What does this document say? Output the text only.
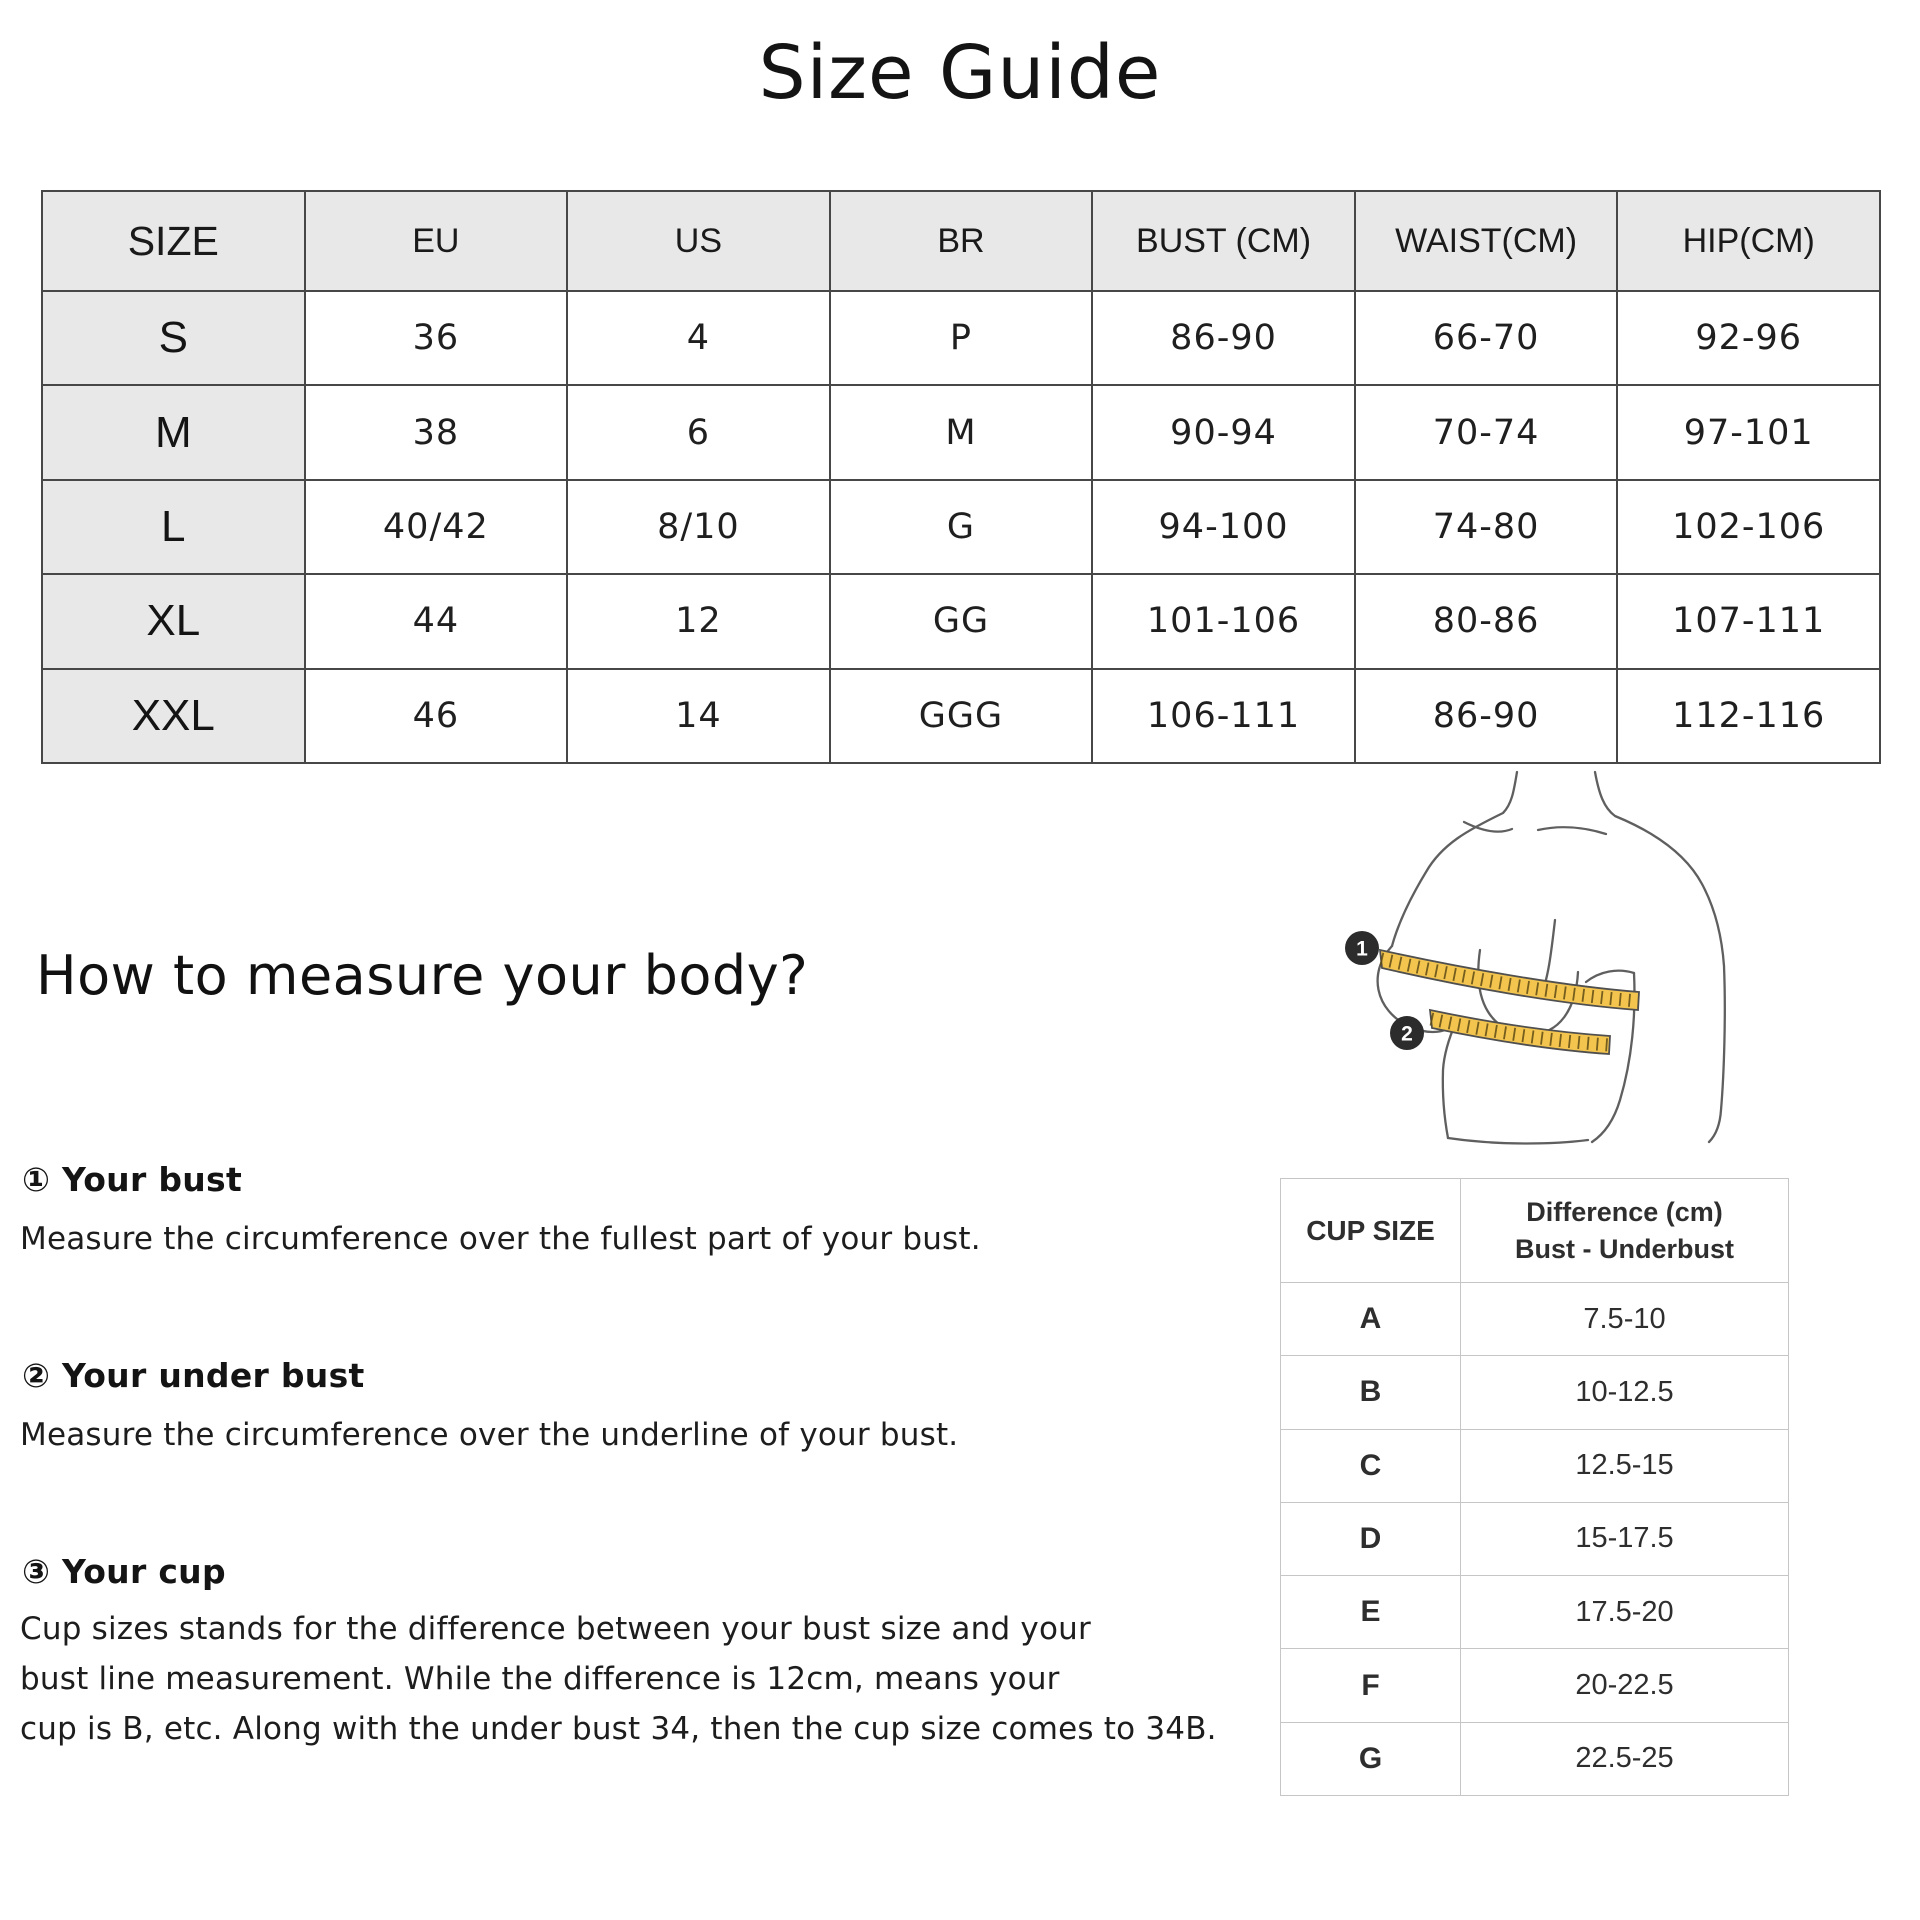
Size Guide
SIZE	EU	US	BR	BUST (CM)	WAIST(CM)	HIP(CM)
S	36	4	P	86-90	66-70	92-96
M	38	6	M	90-94	70-74	97-101
L	40/42	8/10	G	94-100	74-80	102-106
XL	44	12	GG	101-106	80-86	107-111
XXL	46	14	GGG	106-111	86-90	112-116
How to measure your body?	1
2
① Your bust
Measure the circumference over the fullest part of your bust.
② Your under bust
Measure the circumference over the underline of your bust.
③ Your cup
Cup sizes stands for the difference between your bust size and your
bust line measurement. While the difference is 12cm, means your
cup is B, etc. Along with the under bust 34, then the cup size comes to 34B.
CUP SIZE	Difference (cm)
Bust - Underbust

A	7.5-10
B	10-12.5
C	12.5-15
D	15-17.5
E	17.5-20
F	20-22.5
G	22.5-25
